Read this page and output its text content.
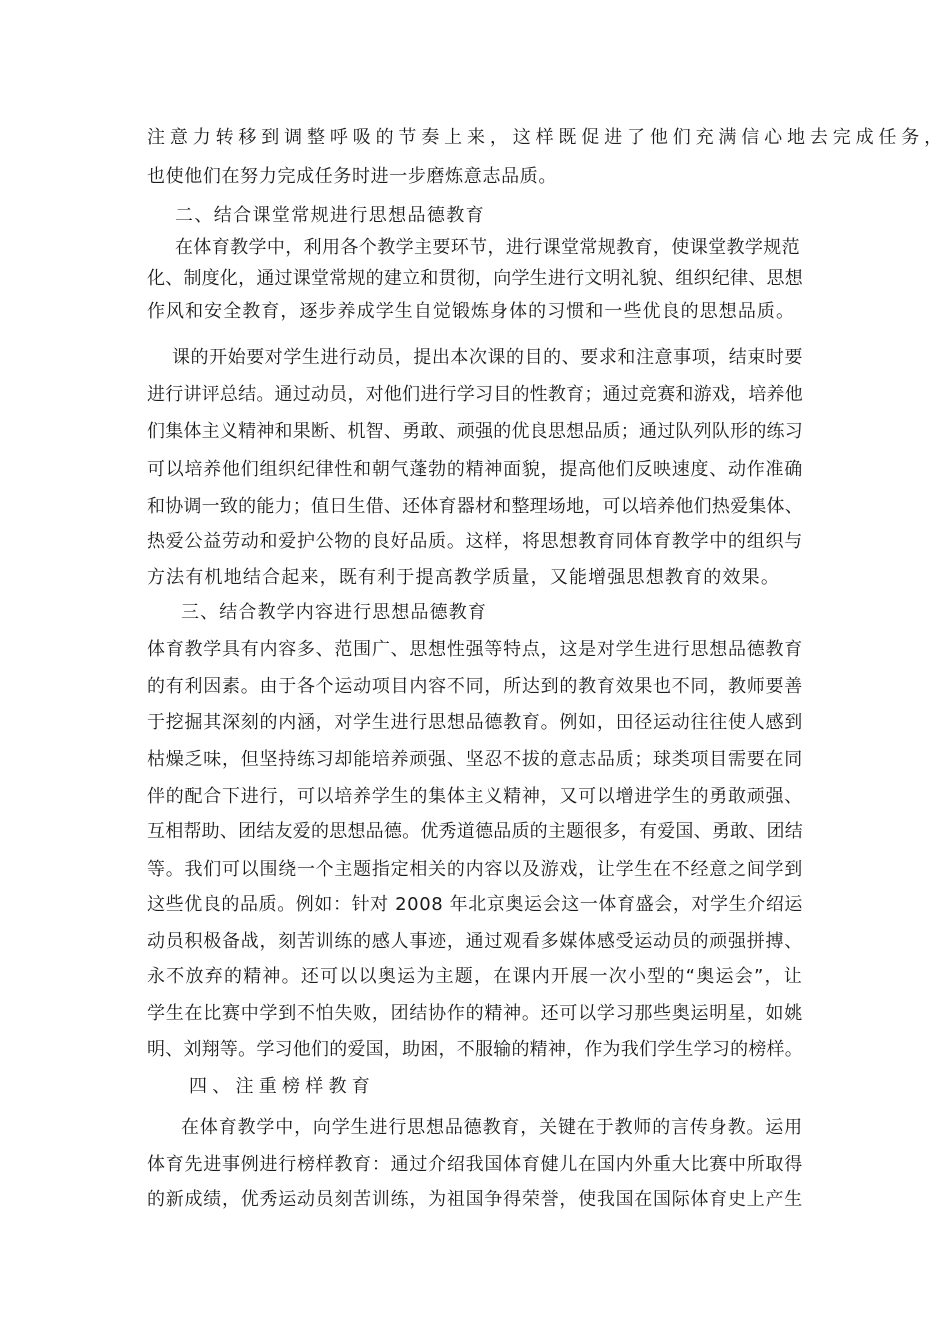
注意力转移到调整呼吸的节奏上来，这样既促进了他们充满信心地去完成任务，
也使他们在努力完成任务时进一步磨炼意志品质。
二、结合课堂常规进行思想品德教育
在体育教学中，利用各个教学主要环节，进行课堂常规教育，使课堂教学规范
化、制度化，通过课堂常规的建立和贯彻，向学生进行文明礼貌、组织纪律、思想
作风和安全教育，逐步养成学生自觉锻炼身体的习惯和一些优良的思想品质。
课的开始要对学生进行动员，提出本次课的目的、要求和注意事项，结束时要
进行讲评总结。通过动员，对他们进行学习目的性教育；通过竞赛和游戏，培养他
们集体主义精神和果断、机智、勇敢、顽强的优良思想品质；通过队列队形的练习
可以培养他们组织纪律性和朝气蓬勃的精神面貌，提高他们反映速度、动作准确
和协调一致的能力；值日生借、还体育器材和整理场地，可以培养他们热爱集体、
热爱公益劳动和爱护公物的良好品质。这样，将思想教育同体育教学中的组织与
方法有机地结合起来，既有利于提高教学质量，又能增强思想教育的效果。
三、结合教学内容进行思想品德教育
体育教学具有内容多、范围广、思想性强等特点，这是对学生进行思想品德教育
的有利因素。由于各个运动项目内容不同，所达到的教育效果也不同，教师要善
于挖掘其深刻的内涵，对学生进行思想品德教育。例如，田径运动往往使人感到
枯燥乏味，但坚持练习却能培养顽强、坚忍不拔的意志品质；球类项目需要在同
伴的配合下进行，可以培养学生的集体主义精神，又可以增进学生的勇敢顽强、
互相帮助、团结友爱的思想品德。优秀道德品质的主题很多，有爱国、勇敢、团结
等。我们可以围绕一个主题指定相关的内容以及游戏，让学生在不经意之间学到
这些优良的品质。例如：针对 2008 年北京奥运会这一体育盛会，对学生介绍运
动员积极备战，刻苦训练的感人事迹，通过观看多媒体感受运动员的顽强拼搏、
永不放弃的精神。还可以以奥运为主题，在课内开展一次小型的“奥运会”，让
学生在比赛中学到不怕失败，团结协作的精神。还可以学习那些奥运明星，如姚
明、刘翔等。学习他们的爱国，助困，不服输的精神，作为我们学生学习的榜样。
四、注重榜样教育
在体育教学中，向学生进行思想品德教育，关键在于教师的言传身教。运用
体育先进事例进行榜样教育：通过介绍我国体育健儿在国内外重大比赛中所取得
的新成绩，优秀运动员刻苦训练，为祖国争得荣誉，使我国在国际体育史上产生
